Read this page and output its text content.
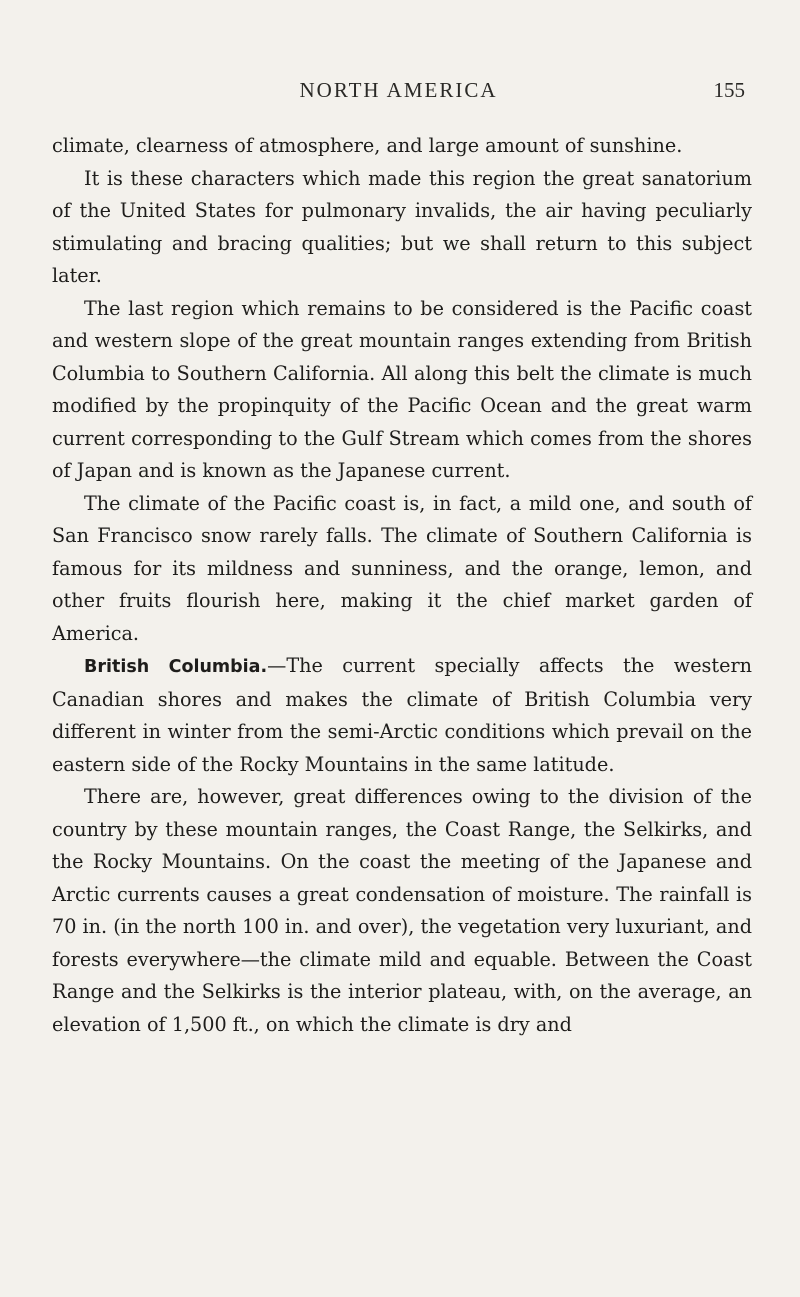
NORTH AMERICA	155

climate, clearness of atmosphere, and large amount of sunshine.

It is these characters which made this region the great sanatorium of the United States for pulmonary invalids, the air having peculiarly stimulating and bracing qualities; but we shall return to this subject later.

The last region which remains to be considered is the Pacific coast and western slope of the great mountain ranges extending from British Columbia to Southern California. All along this belt the climate is much modified by the propinquity of the Pacific Ocean and the great warm current corresponding to the Gulf Stream which comes from the shores of Japan and is known as the Japanese current.

The climate of the Pacific coast is, in fact, a mild one, and south of San Francisco snow rarely falls. The climate of Southern California is famous for its mildness and sunniness, and the orange, lemon, and other fruits flourish here, making it the chief market garden of America.

British Columbia.—The current specially affects the western Canadian shores and makes the climate of British Columbia very different in winter from the semi-Arctic conditions which prevail on the eastern side of the Rocky Mountains in the same latitude.

There are, however, great differences owing to the division of the country by these mountain ranges, the Coast Range, the Selkirks, and the Rocky Mountains. On the coast the meeting of the Japanese and Arctic currents causes a great condensation of moisture. The rainfall is 70 in. (in the north 100 in. and over), the vegetation very luxuriant, and forests everywhere—the climate mild and equable. Between the Coast Range and the Selkirks is the interior plateau, with, on the average, an elevation of 1,500 ft., on which the climate is dry and
